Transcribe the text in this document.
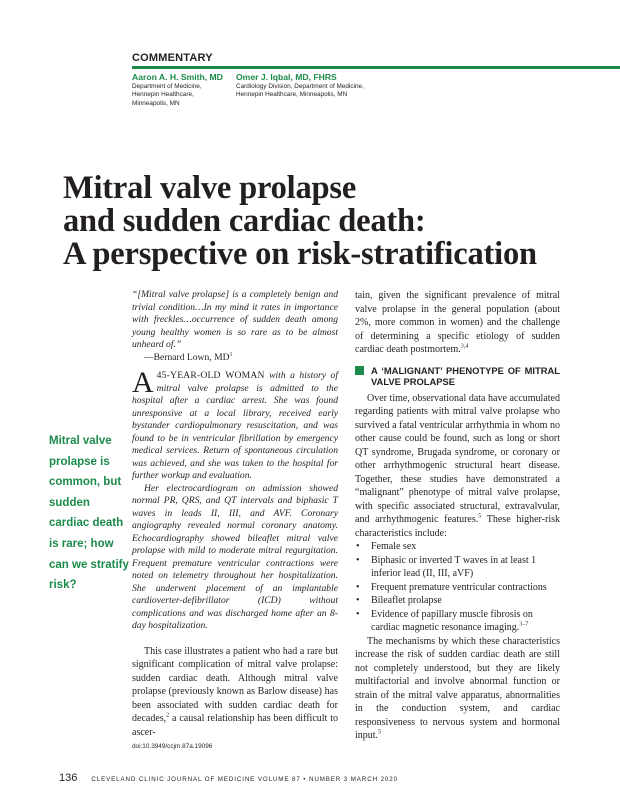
COMMENTARY
Aaron A. H. Smith, MD
Department of Medicine,
Hennepin Healthcare,
Minneapolis, MN
Omer J. Iqbal, MD, FHRS
Cardiology Division, Department of Medicine,
Hennepin Healthcare, Minneapolis, MN
Mitral valve prolapse
and sudden cardiac death:
A perspective on risk-stratification

“[Mitral valve prolapse] is a completely benign and trivial condition…In my mind it rates in importance with freckles…occurrence of sudden death among young healthy women is so rare as to be almost unheard of.”

—Bernard Lown, $MD^1$

A 45-YEAR-OLD WOMAN with a history of mitral valve prolapse is admitted to the hospital after a cardiac arrest. She was found unresponsive at a local library, received early bystander cardiopulmonary resuscitation, and was found to be in ventricular fibrillation by emergency medical services. Return of spontaneous circulation was achieved, and she was taken to the hospital for further workup and evaluation.

Her electrocardiogram on admission showed normal PR, QRS, and QT intervals and biphasic T waves in leads II, III, and AVF. Coronary angiography revealed normal coronary anatomy. Echocardiography showed bileaflet mitral valve prolapse with mild to moderate mitral regurgitation. Frequent premature ventricular contractions were noted on telemetry throughout her hospitalization. She underwent placement of an implantable cardioverter-defibrillator (ICD) without complications and was discharged home after an 8-day hospitalization.

This case illustrates a patient who had a rare but significant complication of mitral valve prolapse: sudden cardiac death. Although mitral valve prolapse (previously known as Barlow disease) has been associated with sudden cardiac death for decades,$^2$ a causal relationship has been difficult to ascer-

doi:10.3949/ccjm.87a.19096
Mitral valve prolapse is common, but sudden cardiac death is rare; how can we stratify risk?

tain, given the significant prevalence of mitral valve prolapse in the general population (about 2%, more common in women) and the challenge of determining a specific etiology of sudden cardiac death postmortem.$^{3,4}$

A ‘MALIGNANT’ PHENOTYPE OF MITRAL VALVE PROLAPSE

Over time, observational data have accumulated regarding patients with mitral valve prolapse who survived a fatal ventricular arrhythmia in whom no other cause could be found, such as long or short QT syndrome, Brugada syndrome, or coronary or other arrhythmogenic structural heart disease. Together, these studies have demonstrated a “malignant” phenotype of mitral valve prolapse, with specific associated structural, extravalvular, and arrhythmogenic features.$^5$ These higher-risk characteristics include:

• Female sex
• Biphasic or inverted T waves in at least 1 inferior lead (II, III, aVF)
• Frequent premature ventricular contractions
• Bileaflet prolapse
• Evidence of papillary muscle fibrosis on cardiac magnetic resonance imaging.$^{3-7}$

The mechanisms by which these characteristics increase the risk of sudden cardiac death are still not completely understood, but they are likely multifactorial and involve abnormal function or strain of the mitral valve apparatus, abnormalities in the conduction system, and cardiac responsiveness to nervous system and hormonal input.$^5$

136 CLEVELAND CLINIC JOURNAL OF MEDICINE VOLUME 87 • NUMBER 3 MARCH 2020
